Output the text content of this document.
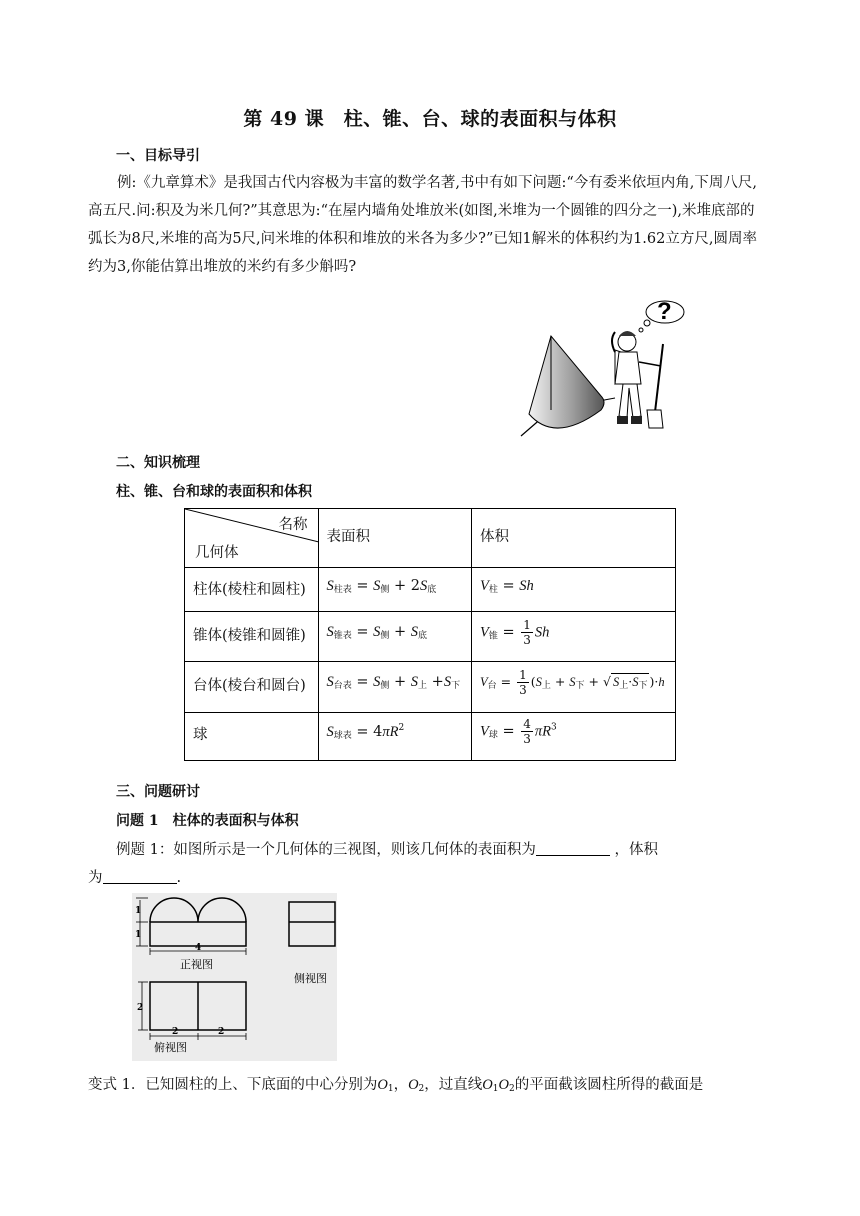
第 49 课　柱、锥、台、球的表面积与体积
一、目标导引
例:《九章算术》是我国古代内容极为丰富的数学名著,书中有如下问题:“今有委米依垣内角,下周八尺,高五尺.问:积及为米几何?”其意思为:“在屋内墙角处堆放米(如图,米堆为一个圆锥的四分之一),米堆底部的弧长为8尺,米堆的高为5尺,问米堆的体积和堆放的米各为多少?”已知1解米的体积约为1.62立方尺,圆周率约为3,你能估算出堆放的米约有多少斛吗?
?
二、知识梳理
柱、锥、台和球的表面积和体积
名称
几何体	表面积	体积
柱体(棱柱和圆柱)	$S_{柱表} = S_侧 + 2S_底$	$V_柱 = Sh$
锥体(棱锥和圆锥)	$S_{锥表} = S_侧 + S_底$	$V_锥 = \frac{1}{3}$ Sh
台体(棱台和圆台)	$S_{台表} = S_侧 + S_上 +S_下$	$V_台 = \frac{1}{3} (S_上 + S_下$ + √ $S_上\cdot S_下$ )·h
球	$S_{球表} = 4\pi R^2$	$V_球 = \frac{4}{3} \pi R^3$
三、问题研讨
问题 1　柱体的表面积与体积
例题 1：如图所示是一个几何体的三视图，则该几何体的表面积为	，体积
为	.
1
1
4
正视图
侧视图
2
2	2
俯视图
变式 1．已知圆柱的上、下底面的中心分别为$O_1$，$O_2$，过直线$O_1O_2$的平面截该圆柱所得的截面是
